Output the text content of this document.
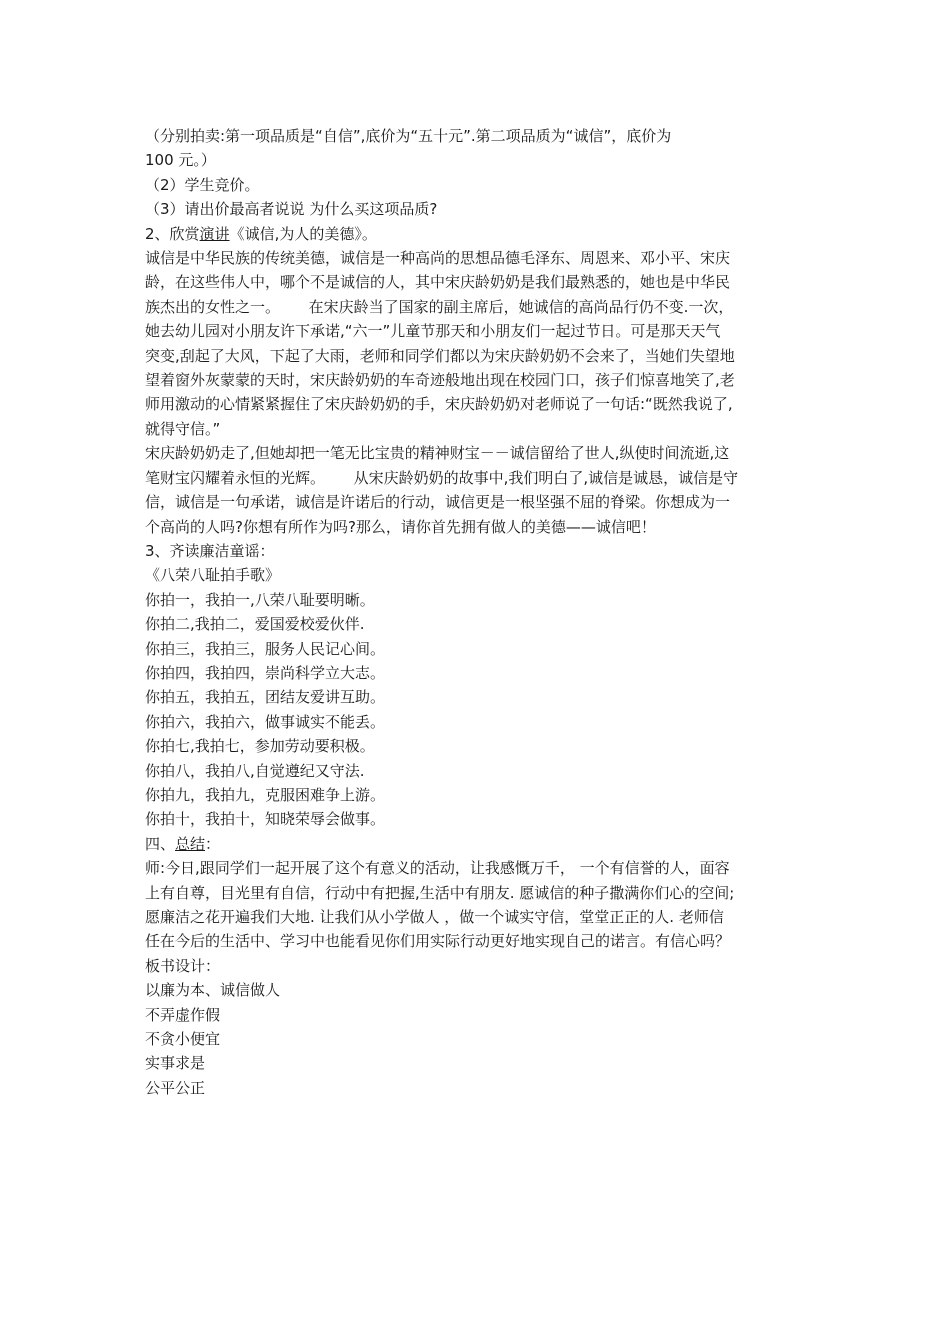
（分别拍卖:第一项品质是“自信”,底价为“五十元”.第二项品质为“诚信”，底价为
100 元。）
（2）学生竞价。
（3）请出价最高者说说 为什么买这项品质?
2、欣赏演讲《诚信,为人的美德》。
诚信是中华民族的传统美德，诚信是一种高尚的思想品德毛泽东、周恩来、邓小平、宋庆
龄，在这些伟人中，哪个不是诚信的人，其中宋庆龄奶奶是我们最熟悉的，她也是中华民
族杰出的女性之一。      在宋庆龄当了国家的副主席后，她诚信的高尚品行仍不变.一次，
她去幼儿园对小朋友许下承诺,“六一”儿童节那天和小朋友们一起过节日。可是那天天气
突变,刮起了大风，下起了大雨，老师和同学们都以为宋庆龄奶奶不会来了，当她们失望地
望着窗外灰蒙蒙的天时，宋庆龄奶奶的车奇迹般地出现在校园门口，孩子们惊喜地笑了,老
师用激动的心情紧紧握住了宋庆龄奶奶的手，宋庆龄奶奶对老师说了一句话:“既然我说了,
就得守信。”
宋庆龄奶奶走了,但她却把一笔无比宝贵的精神财宝－－诚信留给了世人,纵使时间流逝,这
笔财宝闪耀着永恒的光辉。      从宋庆龄奶奶的故事中,我们明白了,诚信是诚恳，诚信是守
信，诚信是一句承诺，诚信是许诺后的行动，诚信更是一根坚强不屈的脊梁。你想成为一
个高尚的人吗?你想有所作为吗?那么，请你首先拥有做人的美德——诚信吧！
3、齐读廉洁童谣：
《八荣八耻拍手歌》
你拍一，我拍一,八荣八耻要明晰。
你拍二,我拍二，爱国爱校爱伙伴.
你拍三，我拍三，服务人民记心间。
你拍四，我拍四，崇尚科学立大志。
你拍五，我拍五，团结友爱讲互助。
你拍六，我拍六，做事诚实不能丢。
你拍七,我拍七，参加劳动要积极。
你拍八，我拍八,自觉遵纪又守法.
你拍九，我拍九，克服困难争上游。
你拍十，我拍十，知晓荣辱会做事。
四、总结：
师:今日,跟同学们一起开展了这个有意义的活动，让我感慨万千， 一个有信誉的人，面容
上有自尊，目光里有自信，行动中有把握,生活中有朋友. 愿诚信的种子撒满你们心的空间;
愿廉洁之花开遍我们大地. 让我们从小学做人 ，做一个诚实守信，堂堂正正的人. 老师信
任在今后的生活中、学习中也能看见你们用实际行动更好地实现自己的诺言。有信心吗？
板书设计：
以廉为本、诚信做人
不弄虚作假
不贪小便宜
实事求是
公平公正
